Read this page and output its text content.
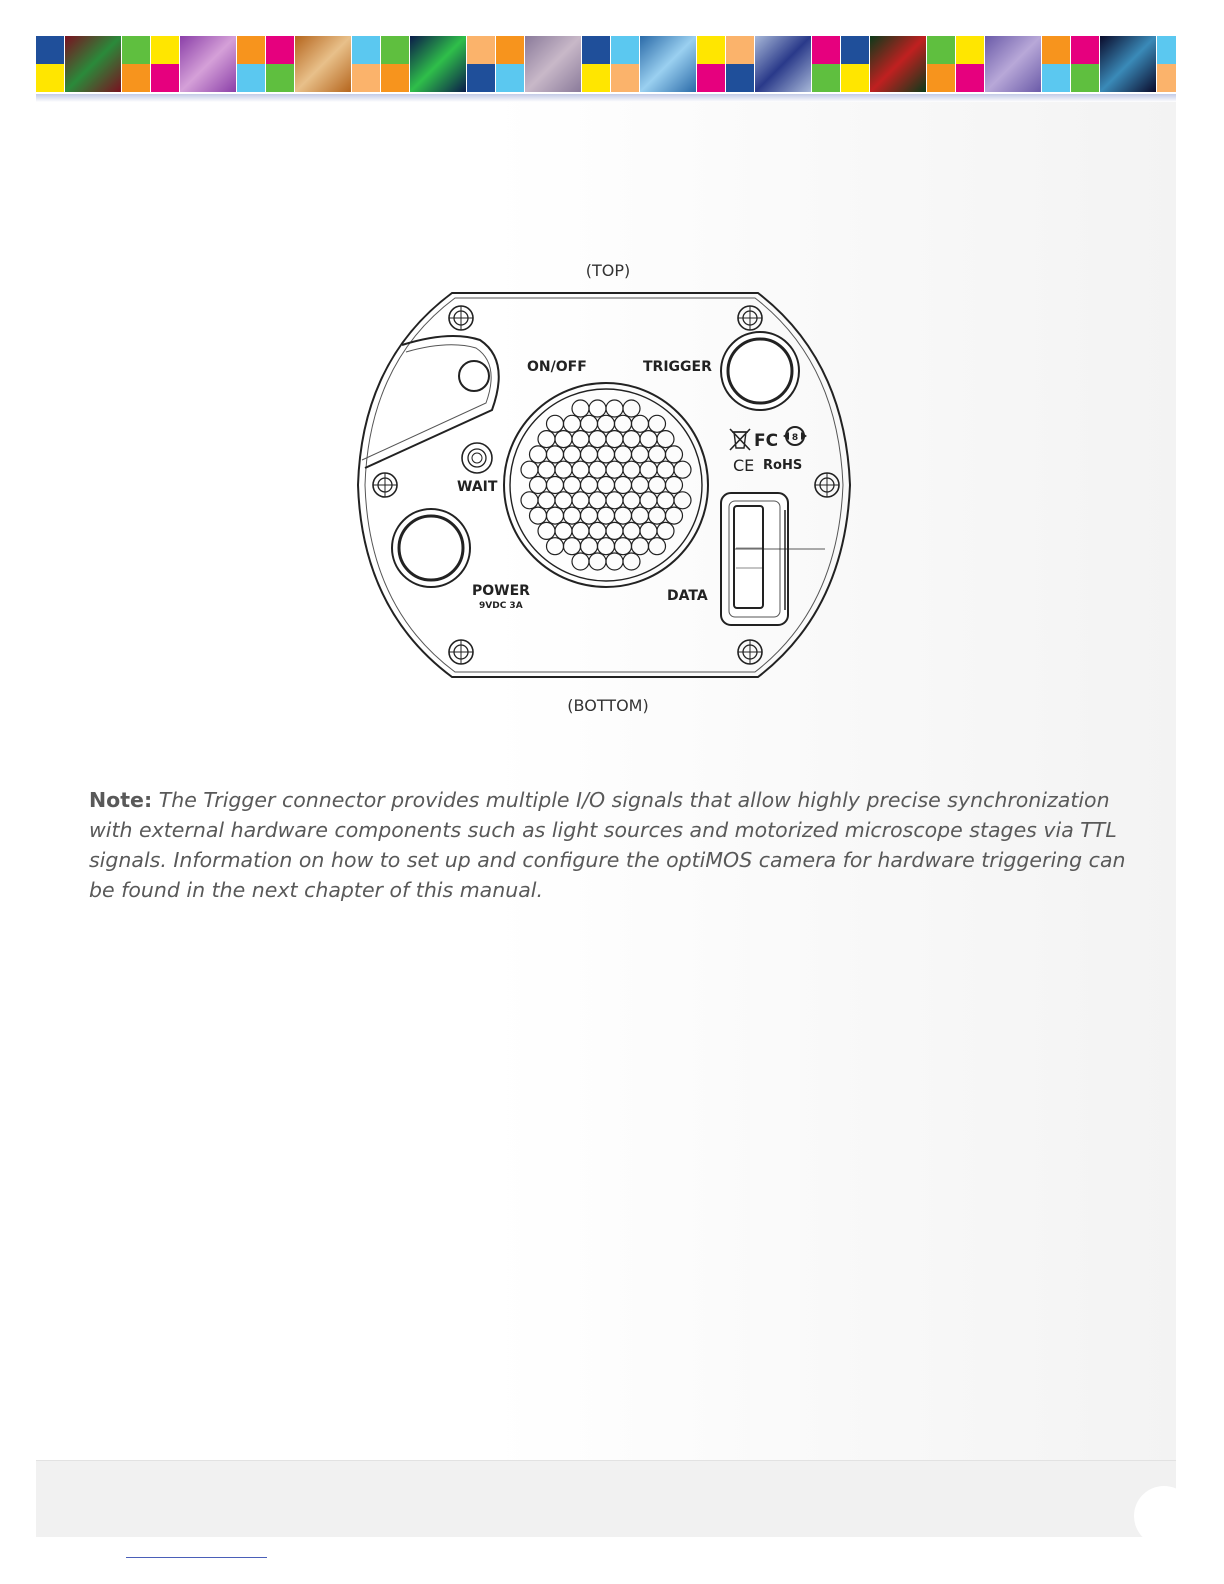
(TOP)
(BOTTOM)
FC 8
CE RoHS
ON/OFF	TRIGGER
WAIT
POWER
9VDC 3A
DATA
Note: The Trigger connector provides multiple I/O signals that allow highly precise synchronization with external hardware components such as light sources and motorized microscope stages via TTL signals. Information on how to set up and configure the optiMOS camera for hardware triggering can be found in the next chapter of this manual.
